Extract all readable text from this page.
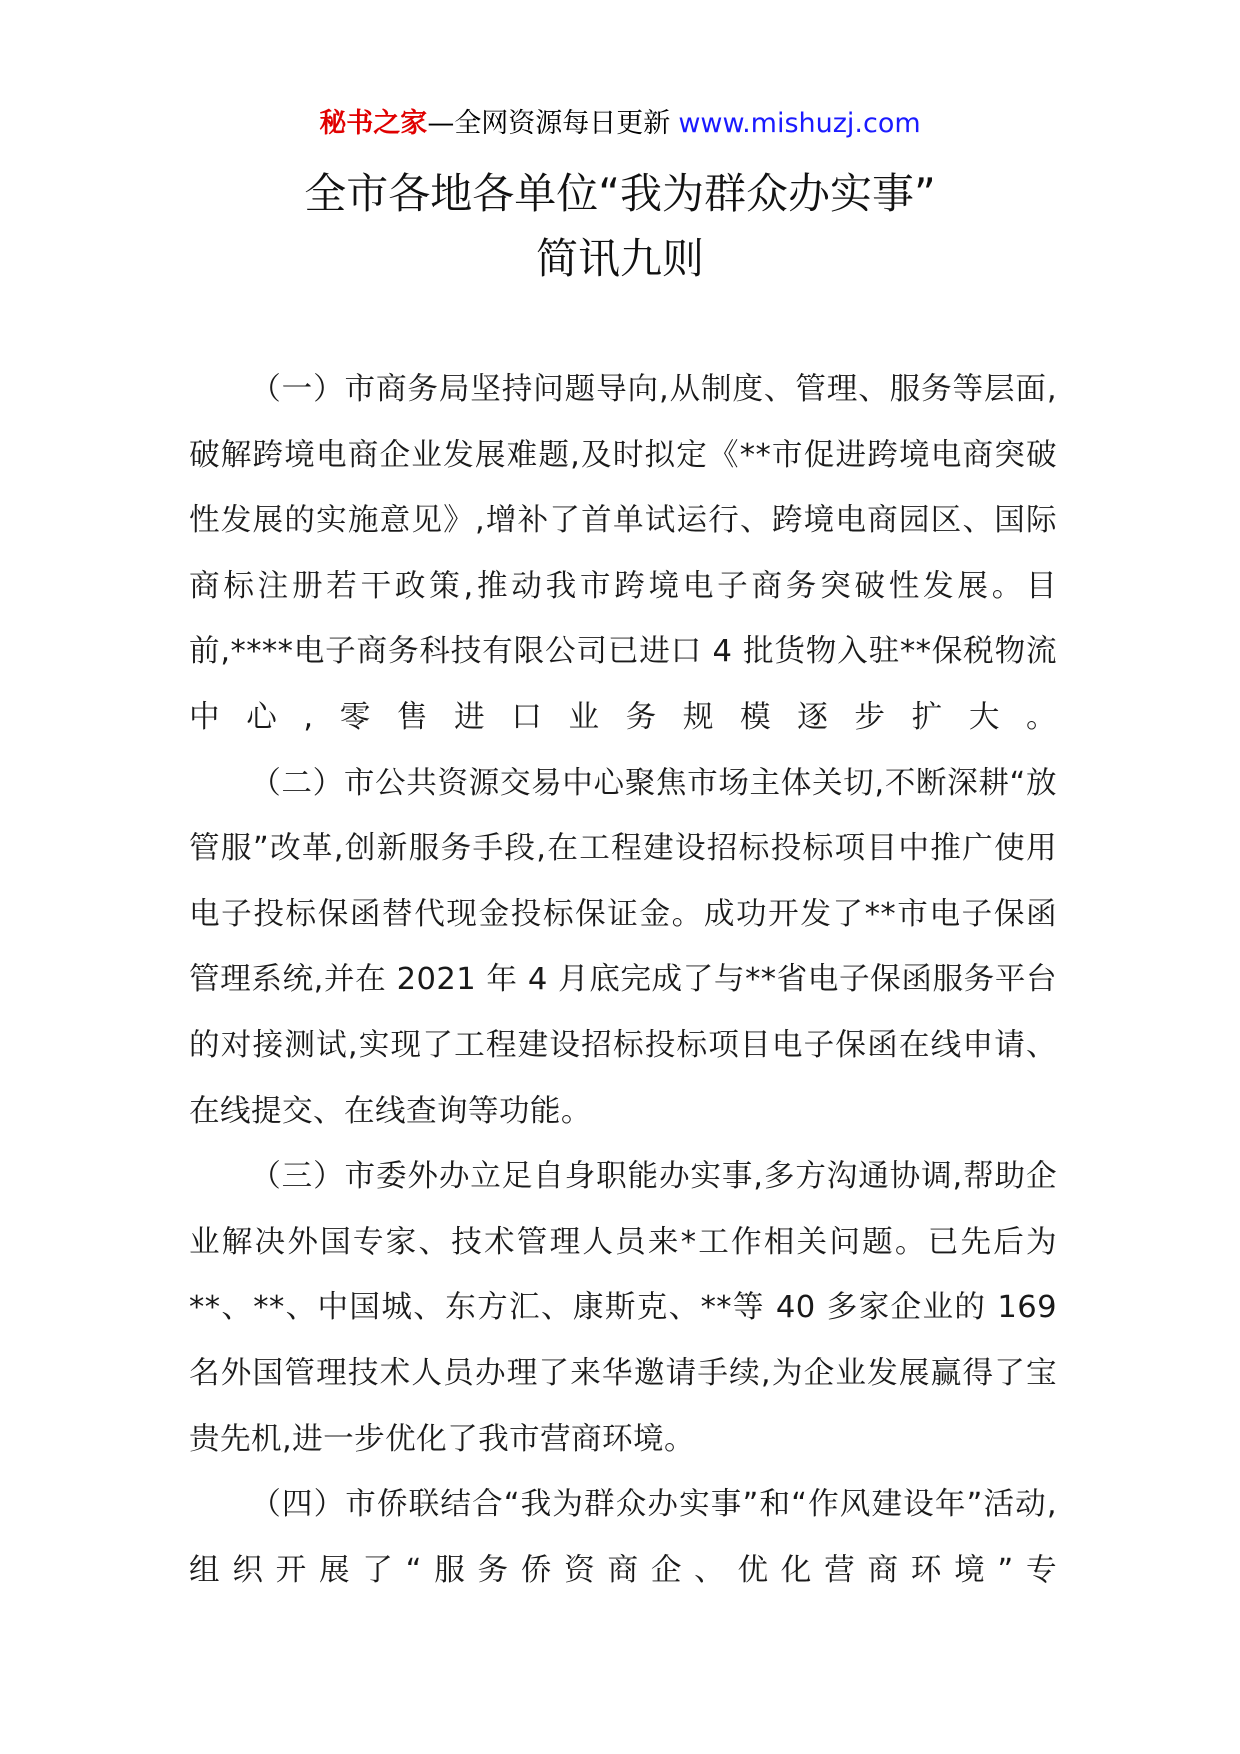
秘书之家—全网资源每日更新 www.mishuzj.com
全市各地各单位“我为群众办实事”
简讯九则

（一）市商务局坚持问题导向,从制度、管理、服务等层面,破解跨境电商企业发展难题,及时拟定《**市促进跨境电商突破性发展的实施意见》,增补了首单试运行、跨境电商园区、国际商标注册若干政策,推动我市跨境电子商务突破性发展。目前,****电子商务科技有限公司已进口 4 批货物入驻**保税物流中心,零售进口业务规模逐步扩大。

（二）市公共资源交易中心聚焦市场主体关切,不断深耕“放管服”改革,创新服务手段,在工程建设招标投标项目中推广使用电子投标保函替代现金投标保证金。成功开发了**市电子保函管理系统,并在 2021 年 4 月底完成了与**省电子保函服务平台的对接测试,实现了工程建设招标投标项目电子保函在线申请、在线提交、在线查询等功能。

（三）市委外办立足自身职能办实事,多方沟通协调,帮助企业解决外国专家、技术管理人员来*工作相关问题。已先后为**、**、中国城、东方汇、康斯克、**等 40 多家企业的 169 名外国管理技术人员办理了来华邀请手续,为企业发展赢得了宝贵先机,进一步优化了我市营商环境。

（四）市侨联结合“我为群众办实事”和“作风建设年”活动,组织开展了“服务侨资商企、优化营商环境”专
